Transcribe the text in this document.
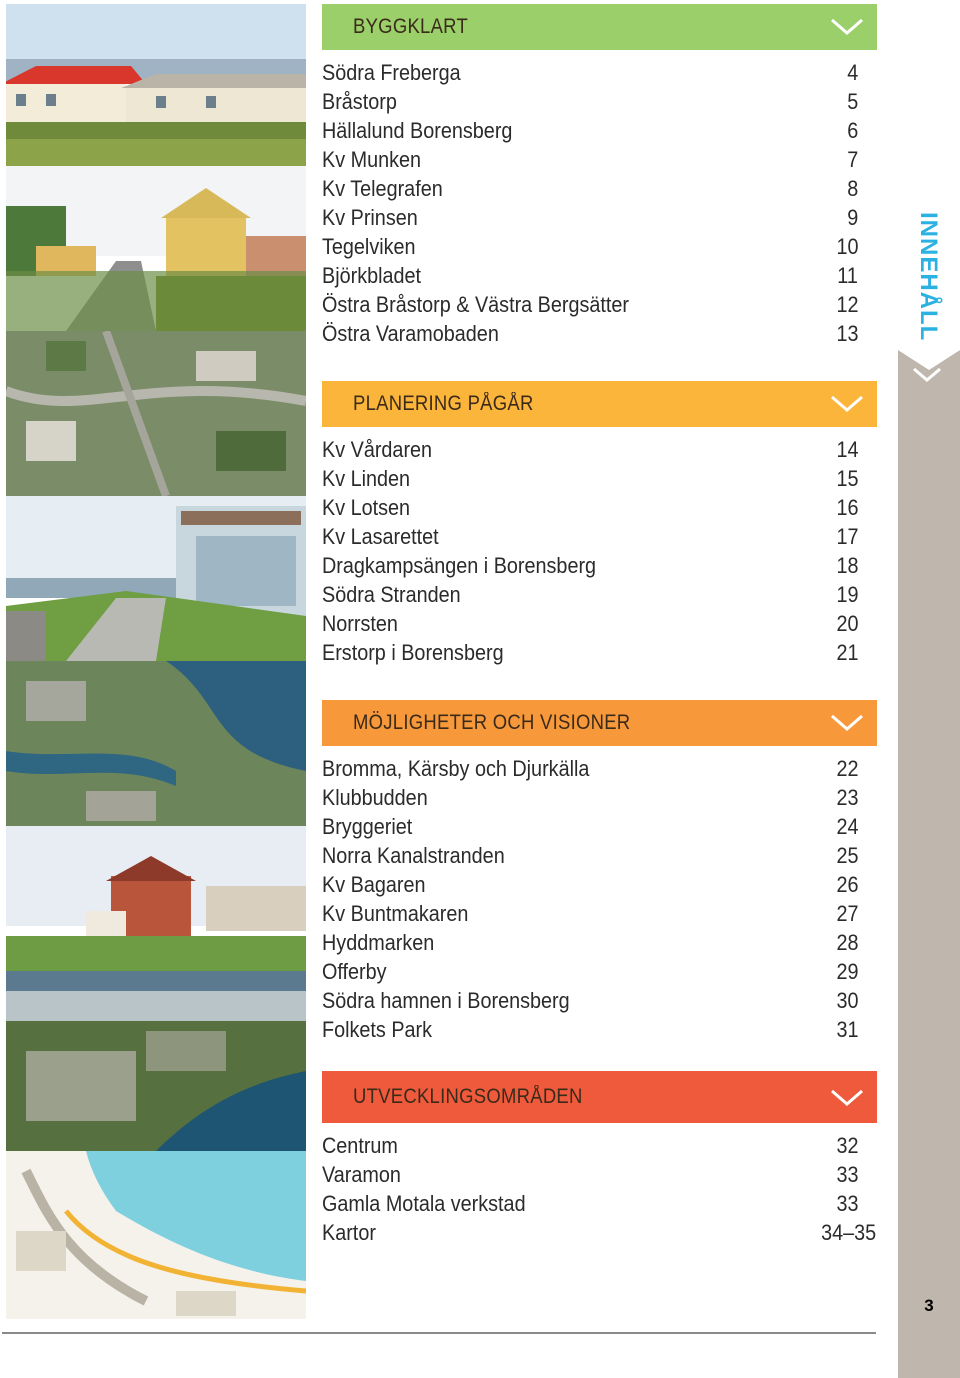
INNEHÅLL
BYGGKLART
Södra Freberga	4
Bråstorp	5
Hällalund Borensberg	6
Kv Munken	7
Kv Telegrafen	8
Kv Prinsen	9
Tegelviken	10
Björkbladet	11
Östra Bråstorp & Västra Bergsätter	12
Östra Varamobaden	13
PLANERING PÅGÅR
Kv Vårdaren	14
Kv Linden	15
Kv Lotsen	16
Kv Lasarettet	17
Dragkampsängen i Borensberg	18
Södra Stranden	19
Norrsten	20
Erstorp i Borensberg	21
MÖJLIGHETER OCH VISIONER
Bromma, Kärsby och Djurkälla	22
Klubbudden	23
Bryggeriet	24
Norra Kanalstranden	25
Kv Bagaren	26
Kv Buntmakaren	27
Hyddmarken	28
Offerby	29
Södra hamnen i Borensberg	30
Folkets Park	31
UTVECKLINGSOMRÅDEN
Centrum	32
Varamon	33
Gamla Motala verkstad	33
Kartor	34–35
3
